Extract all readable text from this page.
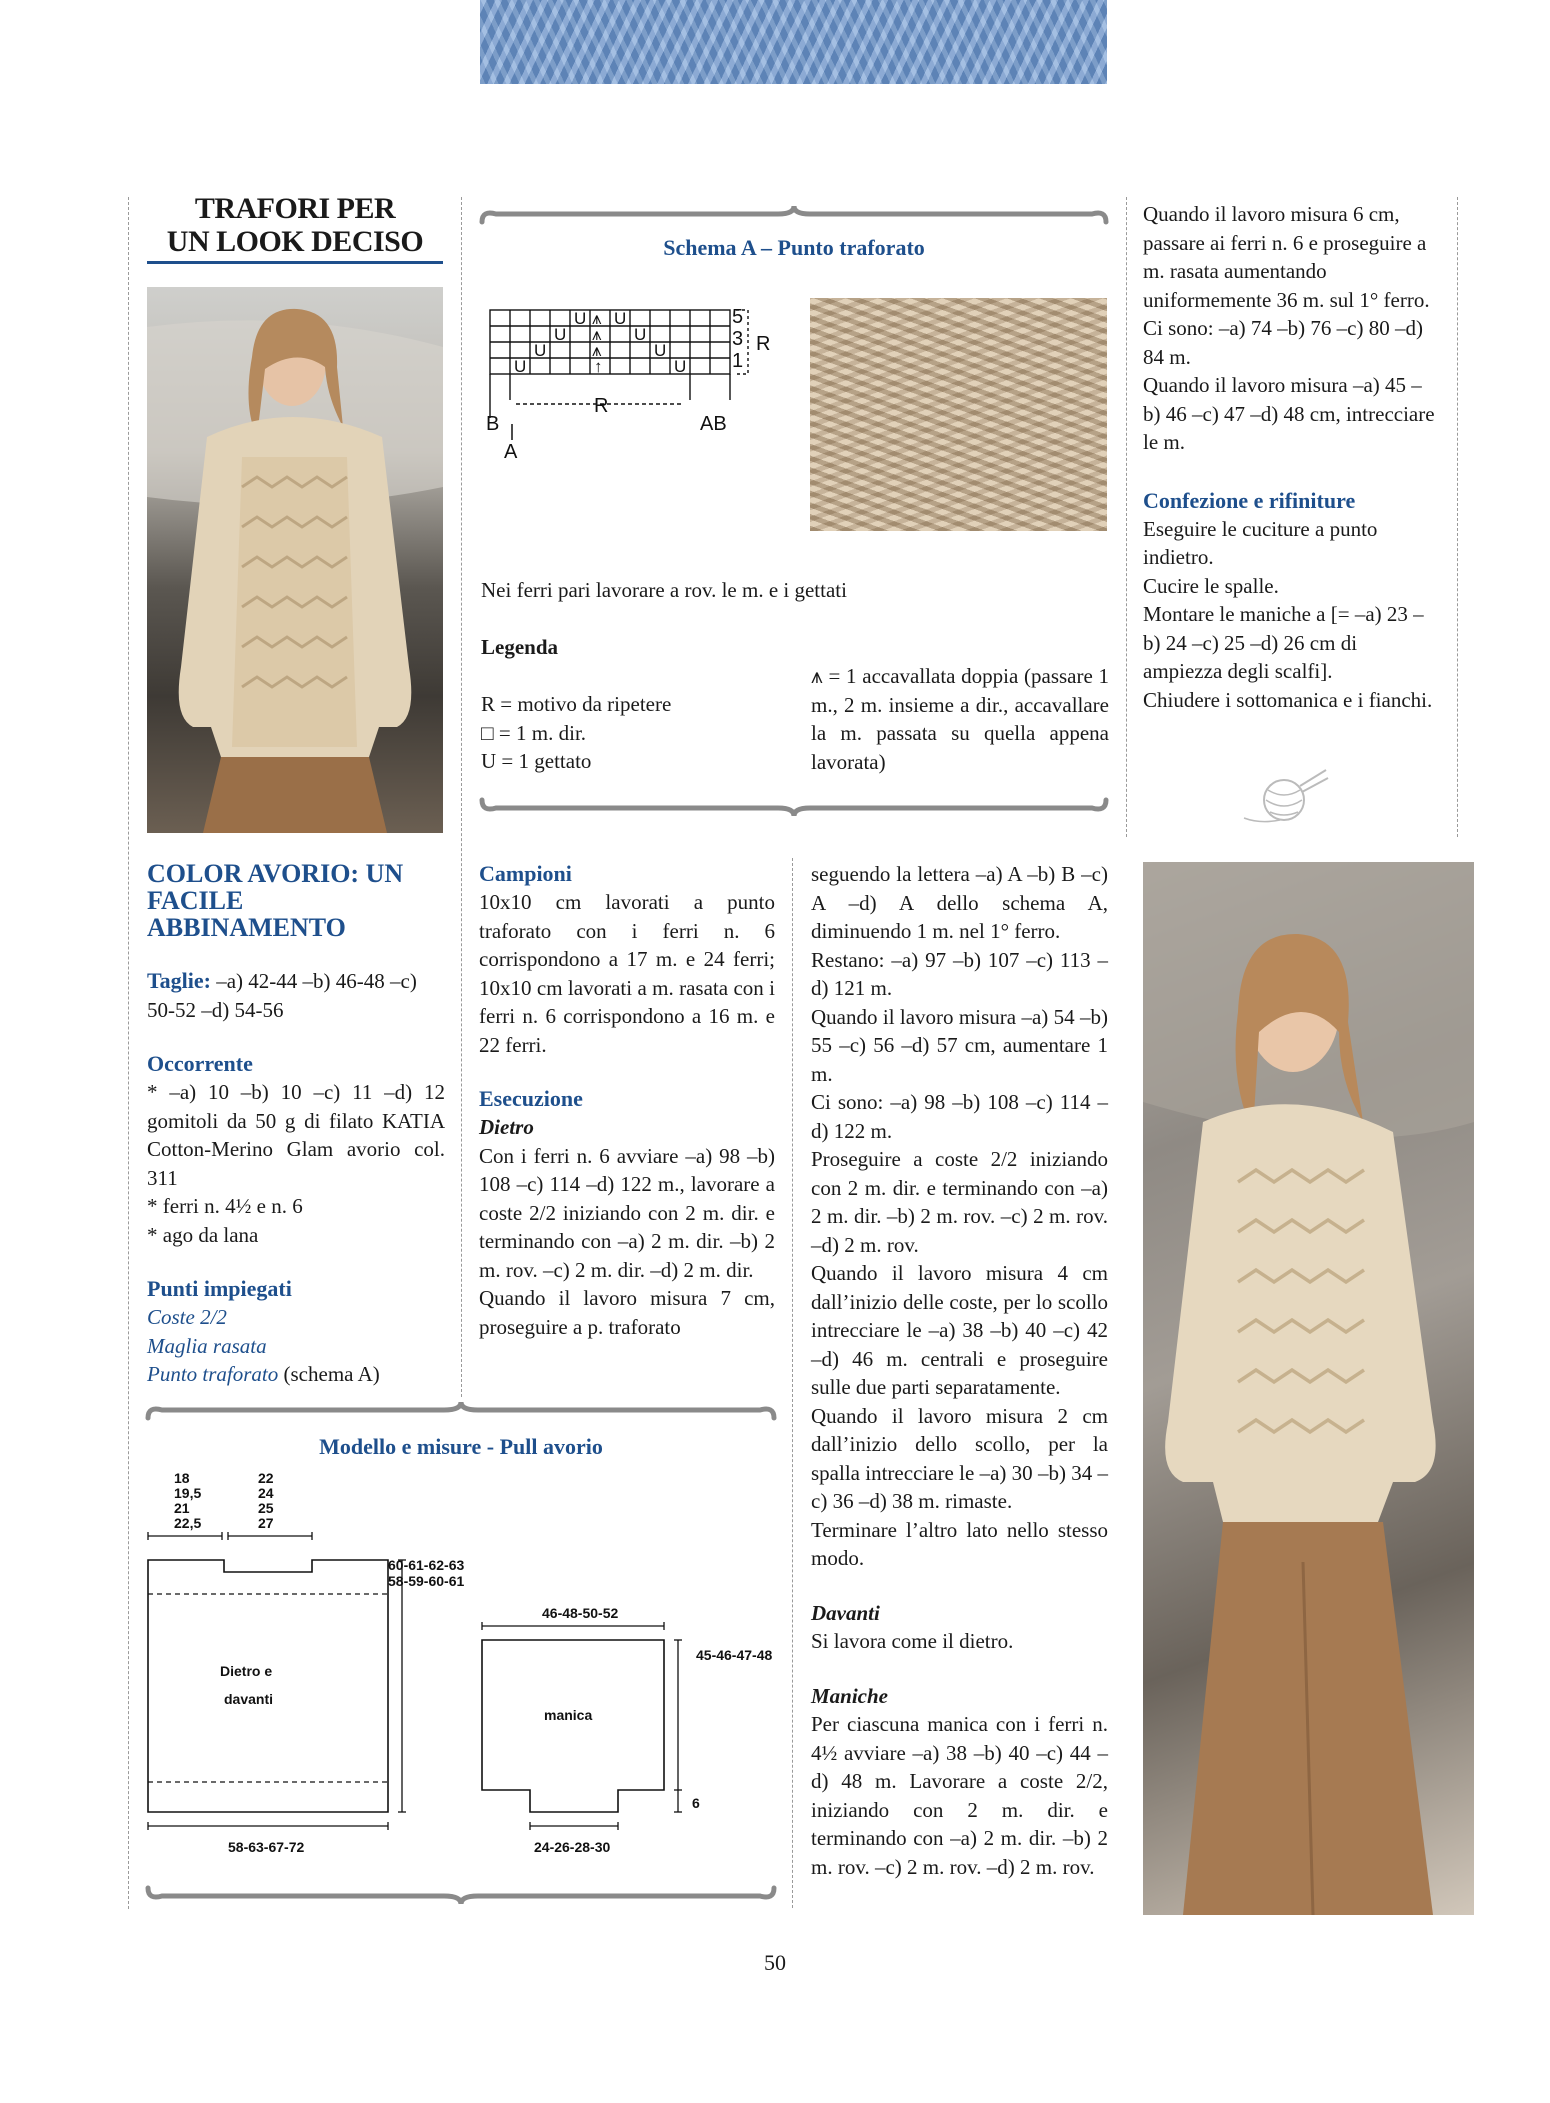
TRAFORI PER
UN LOOK DECISO	Schema A – Punto traforato
U ⩚ U
U ⩚ U
U	⩚	U
U	↑	U
5
3
1
R
R
B
A
AB
Nei ferri pari lavorare a rov. le m. e i gettati
Legenda

R = motivo da ripetere

□ = 1 m. dir.

U = 1 gettato

⩚ = 1 accavallata doppia (passare 1 m., 2 m. insieme a dir., accavallare la m. passata su quella appena lavorata)

Quando il lavoro misura 6 cm, passare ai ferri n. 6 e proseguire a m. rasata aumentando uniformemente 36 m. sul 1° ferro.

Ci sono: –a) 74 –b) 76 –c) 80 –d) 84 m.

Quando il lavoro misura –a) 45 –b) 46 –c) 47 –d) 48 cm, intrecciare le m.

Confezione e rifiniture

Eseguire le cuciture a punto indietro.

Cucire le spalle.

Montare le maniche a [= –a) 23 –b) 24 –c) 25 –d) 26 cm di ampiezza degli scalfi].

Chiudere i sottomanica e i fianchi.

COLOR AVORIO: UN

FACILE ABBINAMENTO

Taglie: –a) 42-44 –b) 46-48 –c) 50-52 –d) 54-56

Occorrente

* –a) 10 –b) 10 –c) 11 –d) 12 gomitoli da 50 g di filato KATIA Cotton-Merino Glam avorio col. 311

* ferri n. 4½ e n. 6

* ago da lana

Punti impiegati

Coste 2/2

Maglia rasata

Punto traforato (schema A)

Campioni

10x10 cm lavorati a punto traforato con i ferri n. 6 corrispondono a 17 m. e 24 ferri; 10x10 cm lavorati a m. rasata con i ferri n. 6 corrispondono a 16 m. e 22 ferri.

Esecuzione

Dietro

Con i ferri n. 6 avviare –a) 98 –b) 108 –c) 114 –d) 122 m., lavorare a coste 2/2 iniziando con 2 m. dir. e terminando con –a) 2 m. dir. –b) 2 m. rov. –c) 2 m. dir. –d) 2 m. dir.

Quando il lavoro misura 7 cm, proseguire a p. traforato

seguendo la lettera –a) A –b) B –c) A –d) A dello schema A, diminuendo 1 m. nel 1° ferro.

Restano: –a) 97 –b) 107 –c) 113 –d) 121 m.

Quando il lavoro misura –a) 54 –b) 55 –c) 56 –d) 57 cm, aumentare 1 m.

Ci sono: –a) 98 –b) 108 –c) 114 –d) 122 m.

Proseguire a coste 2/2 iniziando con 2 m. dir. e terminando con –a) 2 m. dir. –b) 2 m. rov. –c) 2 m. rov. –d) 2 m. rov.

Quando il lavoro misura 4 cm dall’inizio delle coste, per lo scollo intrecciare le –a) 38 –b) 40 –c) 42 –d) 46 m. centrali e proseguire sulle due parti separatamente.

Quando il lavoro misura 2 cm dall’inizio dello scollo, per la spalla intrecciare le –a) 30 –b) 34 –c) 36 –d) 38 m. rimaste.

Terminare l’altro lato nello stesso modo.

Davanti

Si lavora come il dietro.

Maniche

Per ciascuna manica con i ferri n. 4½ avviare –a) 38 –b) 40 –c) 44 –d) 48 m. Lavorare a coste 2/2, iniziando con 2 m. dir. e terminando con –a) 2 m. dir. –b) 2 m. rov. –c) 2 m. rov. –d) 2 m. rov.

Modello e misure - Pull avorio
18
19,5
21
22,5
22
24
25
27
60-61-62-63
58-59-60-61
58-63-67-72
46-48-50-52
45-46-47-48
6
24-26-28-30
Dietro e
davanti
manica
50
